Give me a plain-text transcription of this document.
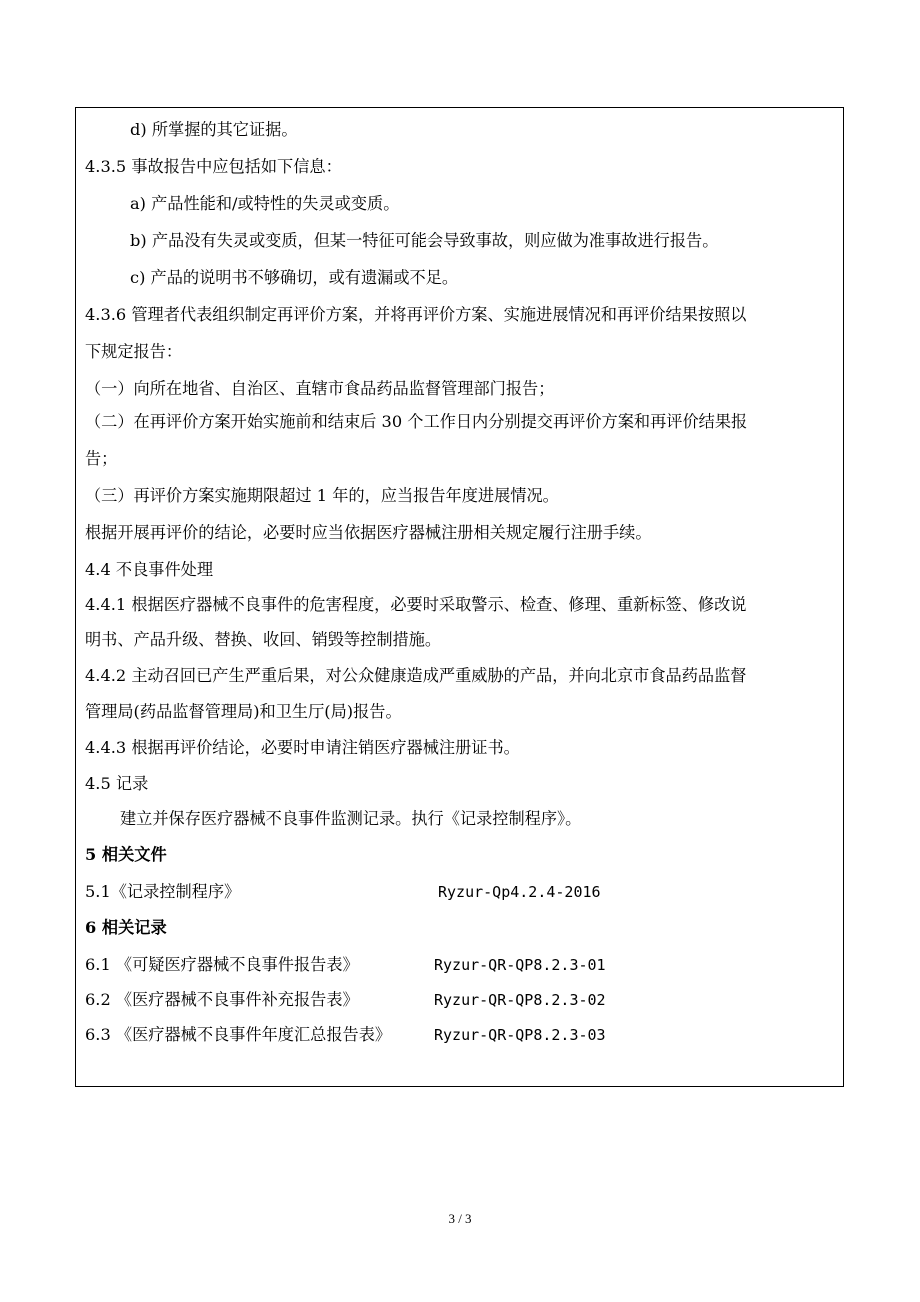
d) 所掌握的其它证据。
4.3.5 事故报告中应包括如下信息：
a) 产品性能和/或特性的失灵或变质。
b) 产品没有失灵或变质，但某一特征可能会导致事故，则应做为准事故进行报告。
c) 产品的说明书不够确切，或有遗漏或不足。
4.3.6 管理者代表组织制定再评价方案，并将再评价方案、实施进展情况和再评价结果按照以
下规定报告：
（一）向所在地省、自治区、直辖市食品药品监督管理部门报告；
（二）在再评价方案开始实施前和结束后 30 个工作日内分别提交再评价方案和再评价结果报
告；
（三）再评价方案实施期限超过 1 年的，应当报告年度进展情况。
根据开展再评价的结论，必要时应当依据医疗器械注册相关规定履行注册手续。
4.4 不良事件处理
4.4.1 根据医疗器械不良事件的危害程度，必要时采取警示、检查、修理、重新标签、修改说
明书、产品升级、替换、收回、销毁等控制措施。
4.4.2 主动召回已产生严重后果，对公众健康造成严重威胁的产品，并向北京市食品药品监督
管理局(药品监督管理局)和卫生厅(局)报告。
4.4.3 根据再评价结论，必要时申请注销医疗器械注册证书。
4.5 记录
建立并保存医疗器械不良事件监测记录。执行《记录控制程序》。
5 相关文件
5.1《记录控制程序》	Ryzur-Qp4.2.4-2016
6 相关记录
6.1 《可疑医疗器械不良事件报告表》	Ryzur-QR-QP8.2.3-01
6.2 《医疗器械不良事件补充报告表》	Ryzur-QR-QP8.2.3-02
6.3 《医疗器械不良事件年度汇总报告表》	Ryzur-QR-QP8.2.3-03
3 / 3
